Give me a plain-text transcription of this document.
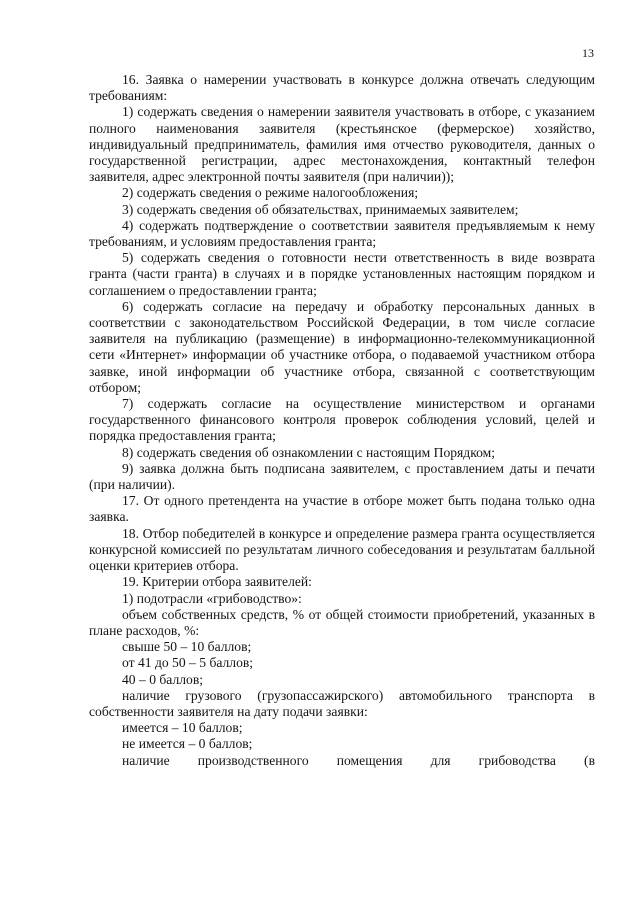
13

16. Заявка о намерении участвовать в конкурсе должна отвечать следующим требованиям:

1) содержать сведения о намерении заявителя участвовать в отборе, с указанием полного наименования заявителя (крестьянское (фермерское) хозяйство, индивидуальный предприниматель, фамилия имя отчество руководителя, данных о государственной регистрации, адрес местонахождения, контактный телефон заявителя, адрес электронной почты заявителя (при наличии));

2) содержать сведения о режиме налогообложения;

3) содержать сведения об обязательствах, принимаемых заявителем;

4) содержать подтверждение о соответствии заявителя предъявляемым к нему требованиям, и условиям предоставления гранта;

5) содержать сведения о готовности нести ответственность в виде возврата гранта (части гранта) в случаях и в порядке установленных настоящим порядком и соглашением о предоставлении гранта;

6) содержать согласие на передачу и обработку персональных данных в соответствии с законодательством Российской Федерации, в том числе согласие заявителя на публикацию (размещение) в информационно-телекоммуникационной сети «Интернет» информации об участнике отбора, о подаваемой участником отбора заявке, иной информации об участнике отбора, связанной с соответствующим отбором;

7) содержать согласие на осуществление министерством и органами государственного финансового контроля проверок соблюдения условий, целей и порядка предоставления гранта;

8) содержать сведения об ознакомлении с настоящим Порядком;

9) заявка должна быть подписана заявителем, с проставлением даты и печати (при наличии).

17. От одного претендента на участие в отборе может быть подана только одна заявка.

18. Отбор победителей в конкурсе и определение размера гранта осуществляется конкурсной комиссией по результатам личного собеседования и результатам балльной оценки критериев отбора.

19. Критерии отбора заявителей:

1) подотрасли «грибоводство»:

объем собственных средств, % от общей стоимости приобретений, указанных в плане расходов, %:

свыше 50 – 10 баллов;

от 41 до 50 – 5 баллов;

40 – 0 баллов;

наличие грузового (грузопассажирского) автомобильного транспорта в собственности заявителя на дату подачи заявки:

имеется – 10 баллов;

не имеется – 0 баллов;

наличие производственного помещения для грибоводства (в
